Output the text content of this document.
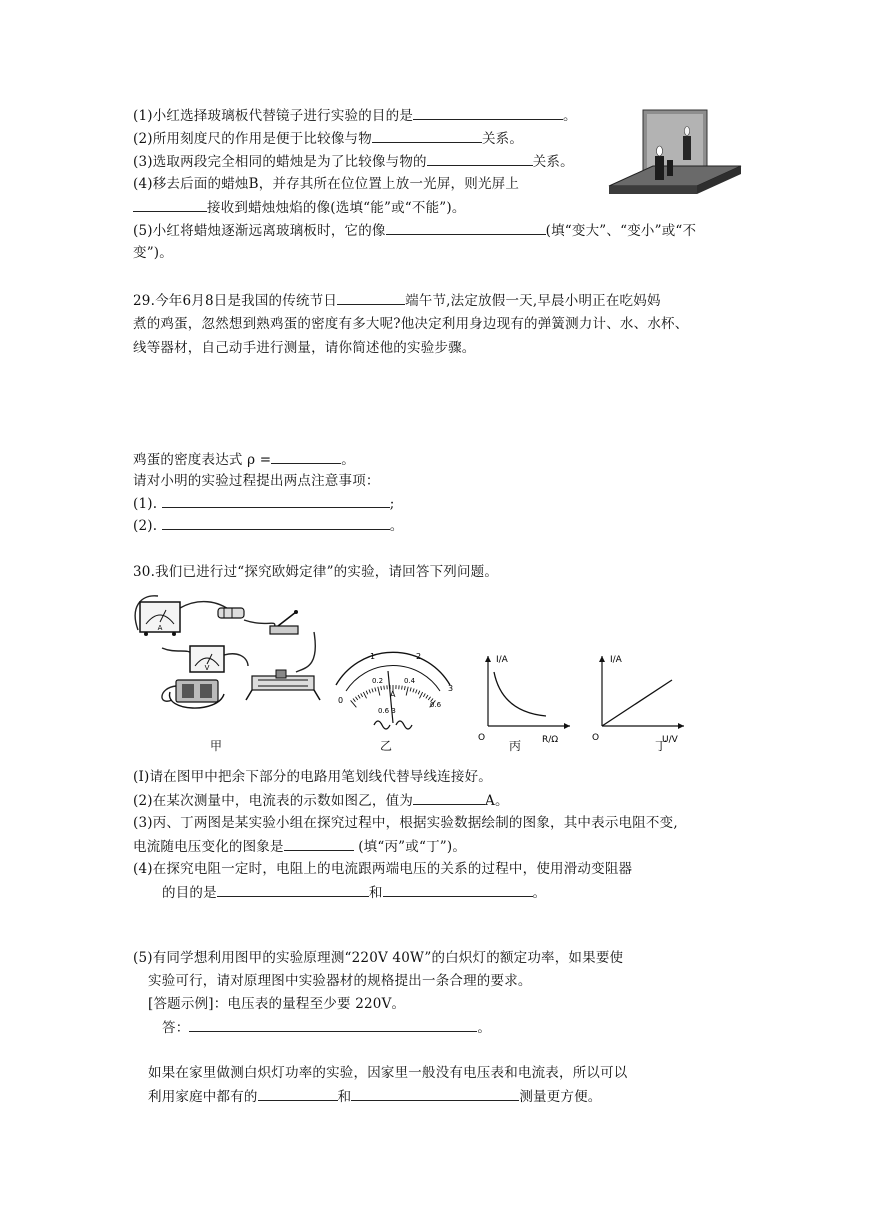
(1)小红选择玻璃板代替镜子进行实验的目的是	。
(2)所用刻度尺的作用是便于比较像与物	关系。
(3)选取两段完全相同的蜡烛是为了比较像与物的	关系。
(4)移去后面的蜡烛B，并存其所在位位置上放一光屏，则光屏上
接收到蜡烛烛焰的像(选填“能”或“不能”)。
(5)小红将蜡烛逐渐远离玻璃板时，它的像	(填“变大”、“变小”或“不
变”)。
29.今年6月8日是我国的传统节日	端午节,法定放假一天,早晨小明正在吃妈妈
煮的鸡蛋，忽然想到熟鸡蛋的密度有多大呢?他决定利用身边现有的弹簧测力计、水、水杯、
线等器材，自己动手进行测量，请你简述他的实验步骤。
鸡蛋的密度表达式 ρ =	。
请对小明的实验过程提出两点注意事项：
(1).	;
(2).	。
30.我们已进行过“探究欧姆定律”的实验，请回答下列问题。
A
V
甲
0
1	2
3
0.2	0.4
0.6
A
0.6 3
乙
I/A
R/Ω
O
丙
I/A
U/V
O
丁
(I)请在图甲中把余下部分的电路用笔划线代替导线连接好。
(2)在某次测量中，电流表的示数如图乙，值为	A。
(3)丙、丁两图是某实验小组在探究过程中，根据实验数据绘制的图象，其中表示电阻不变,
电流随电压变化的图象是	(填“丙”或“丁”)。
(4)在探究电阻一定时，电阻上的电流跟两端电压的关系的过程中，使用滑动变阻器
的目的是	和	。
(5)有同学想利用图甲的实验原理测“220V 40W”的白炽灯的额定功率，如果要使
实验可行，请对原理图中实验器材的规格提出一条合理的要求。
[答题示例]：电压表的量程至少要 220V。
答：	。
如果在家里做测白炽灯功率的实验，因家里一般没有电压表和电流表，所以可以
利用家庭中都有的	和	测量更方便。
